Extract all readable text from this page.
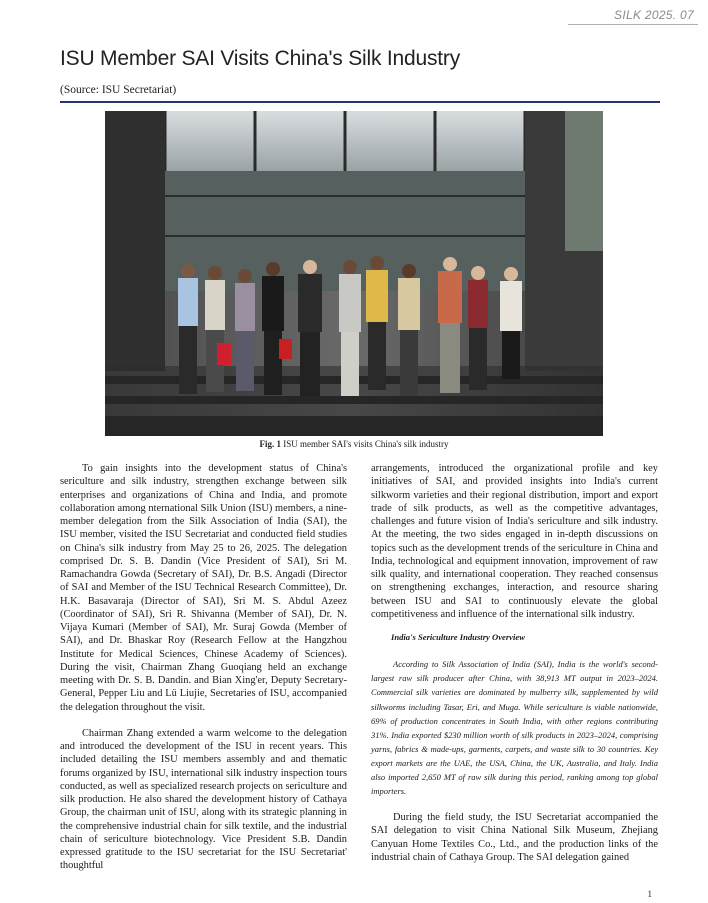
SILK 2025. 07
ISU Member SAI Visits China's Silk Industry
(Source: ISU Secretariat)
Fig. 1 ISU member SAI's visits China's silk industry

To gain insights into the development status of China's sericulture and silk industry, strengthen exchange between silk enterprises and organizations of China and India, and promote collaboration among nternational Silk Union (ISU) members, a nine-member delegation from the Silk Association of India (SAI), the ISU member, visited the ISU Secretariat and conducted field studies on China's silk industry from May 25 to 26, 2025. The delegation comprised Dr. S. B. Dandin (Vice President of SAI), Sri M. Ramachandra Gowda (Secretary of SAI), Dr. B.S. Angadi (Director of SAI and Member of the ISU Technical Research Committee), Dr. H.K. Basavaraja (Director of SAI), Sri M. S. Abdul Azeez (Coordinator of SAI), Sri R. Shivanna (Member of SAI), Dr. N. Vijaya Kumari (Member of SAI), Mr. Suraj Gowda (Member of SAI), and Dr. Bhaskar Roy (Research Fellow at the Hangzhou Institute for Medical Sciences, Chinese Academy of Sciences). During the visit, Chairman Zhang Guoqiang held an exchange meeting with Dr. S. B. Dandin. and Bian Xing'er, Deputy Secretary-General, Pepper Liu and Lü Liujie, Secretaries of ISU, accompanied the delegation throughout the visit.

Chairman Zhang extended a warm welcome to the delegation and introduced the development of the ISU in recent years. This included detailing the ISU members assembly and and thematic forums organized by ISU, international silk industry inspection tours conducted, as well as specialized research projects on sericulture and silk production. He also shared the development history of Cathaya Group, the chairman unit of ISU, along with its strategic planning in the comprehensive industrial chain for silk textile, and the industrial chain of sericulture biotechnology. Vice President S.B. Dandin expressed gratitude to the ISU secretariat for the ISU Secretariat' thoughtful

arrangements, introduced the organizational profile and key initiatives of SAI, and provided insights into India's current silkworm varieties and their regional distribution, import and export trade of silk products, as well as the competitive advantages, challenges and future vision of India's sericulture and silk industry. At the meeting, the two sides engaged in in-depth discussions on topics such as the development trends of the sericulture in China and India, technological and equipment innovation, improvement of raw silk quality, and international cooperation. They reached consensus on strengthening exchanges, interaction, and resource sharing between ISU and SAI to continuously elevate the global competitiveness and influence of the international silk industry.

India's Sericulture Industry Overview

According to Silk Association of India (SAI), India is the world's second-largest raw silk producer after China, with 38,913 MT output in 2023–2024. Commercial silk varieties are dominated by mulberry silk, supplemented by wild silkworms including Tasar, Eri, and Muga. While sericulture is viable nationwide, 69% of production concentrates in South India, with other regions contributing 31%. India exported $230 million worth of silk products in 2023–2024, comprising yarns, fabrics & made-ups, garments, carpets, and waste silk to 30 countries. Key export markets are the UAE, the USA, China, the UK, Australia, and Italy. India also imported 2,650 MT of raw silk during this period, ranking among top global importers.

During the field study, the ISU Secretariat accompanied the SAI delegation to visit China National Silk Museum, Zhejiang Canyuan Home Textiles Co., Ltd., and the production links of the industrial chain of Cathaya Group. The SAI delegation gained

1
